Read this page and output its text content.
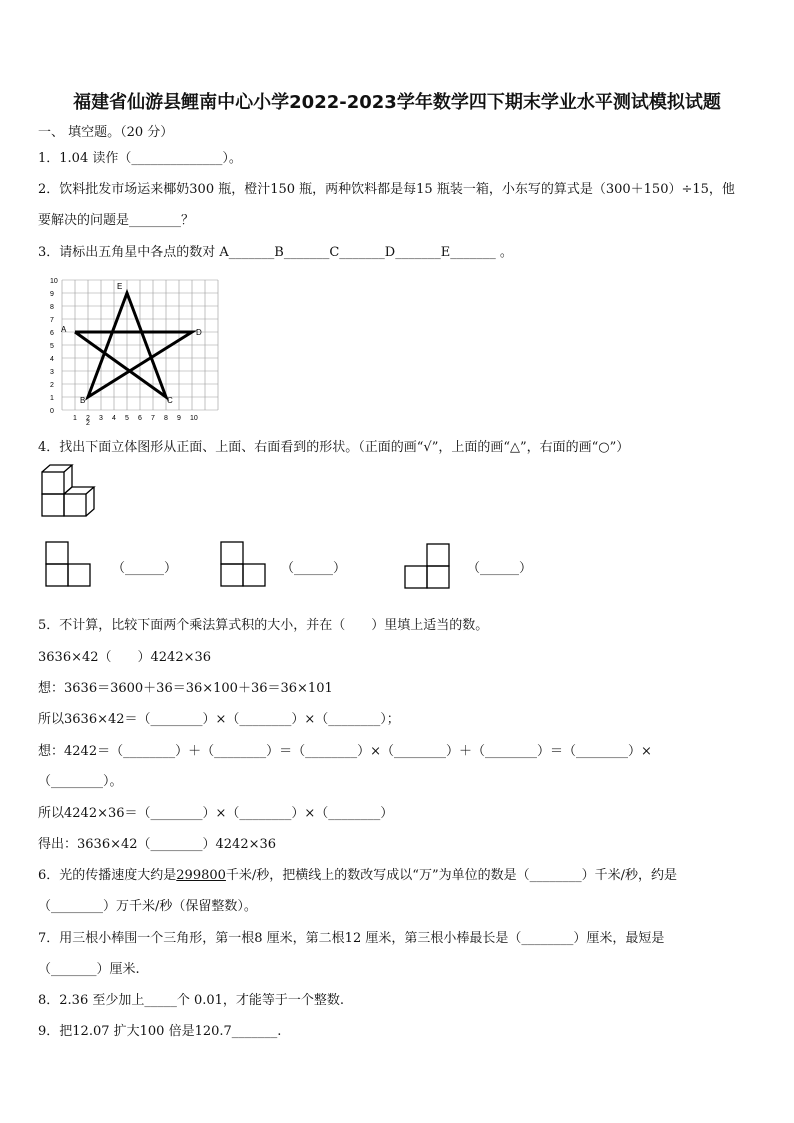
福建省仙游县鲤南中心小学2022-2023学年数学四下期末学业水平测试模拟试题
一、 填空题。（20 分）
1．1.04 读作（______________）。
2．饮料批发市场运来椰奶300 瓶，橙汁150 瓶，两种饮料都是每15 瓶装一箱，小东写的算式是（300＋150）÷15，他
要解决的问题是________？
3．请标出五角星中各点的数对 A_______B_______C_______D_______E_______ 。
0
1
2
3
4
5
6
7
8
9
10
1 2 3 4 5 6 7 8 9 10
2
A
B	C
D
E
4．找出下面立体图形从正面、上面、右面看到的形状。（正面的画“√”，上面的画“△”，右面的画“○”）
（______）	（______）	（______）
5．不计算，比较下面两个乘法算式积的大小，并在（　　）里填上适当的数。
3636×42（　　）4242×36
想：3636＝3600＋36＝36×100＋36＝36×101
所以3636×42＝（________）×（________）×（________）；
想：4242＝（________）＋（________）＝（________）×（________）＋（________）＝（________）×
（________）。
所以4242×36＝（________）×（________）×（________）
得出：3636×42（________）4242×36
6．光的传播速度大约是299800千米/秒，把横线上的数改写成以“万”为单位的数是（________）千米/秒，约是
（________）万千米/秒（保留整数）。
7．用三根小棒围一个三角形，第一根8 厘米，第二根12 厘米，第三根小棒最长是（________）厘米，最短是
（_______）厘米.
8．2.36 至少加上_____个 0.01，才能等于一个整数.
9．把12.07 扩大100 倍是120.7_______.
